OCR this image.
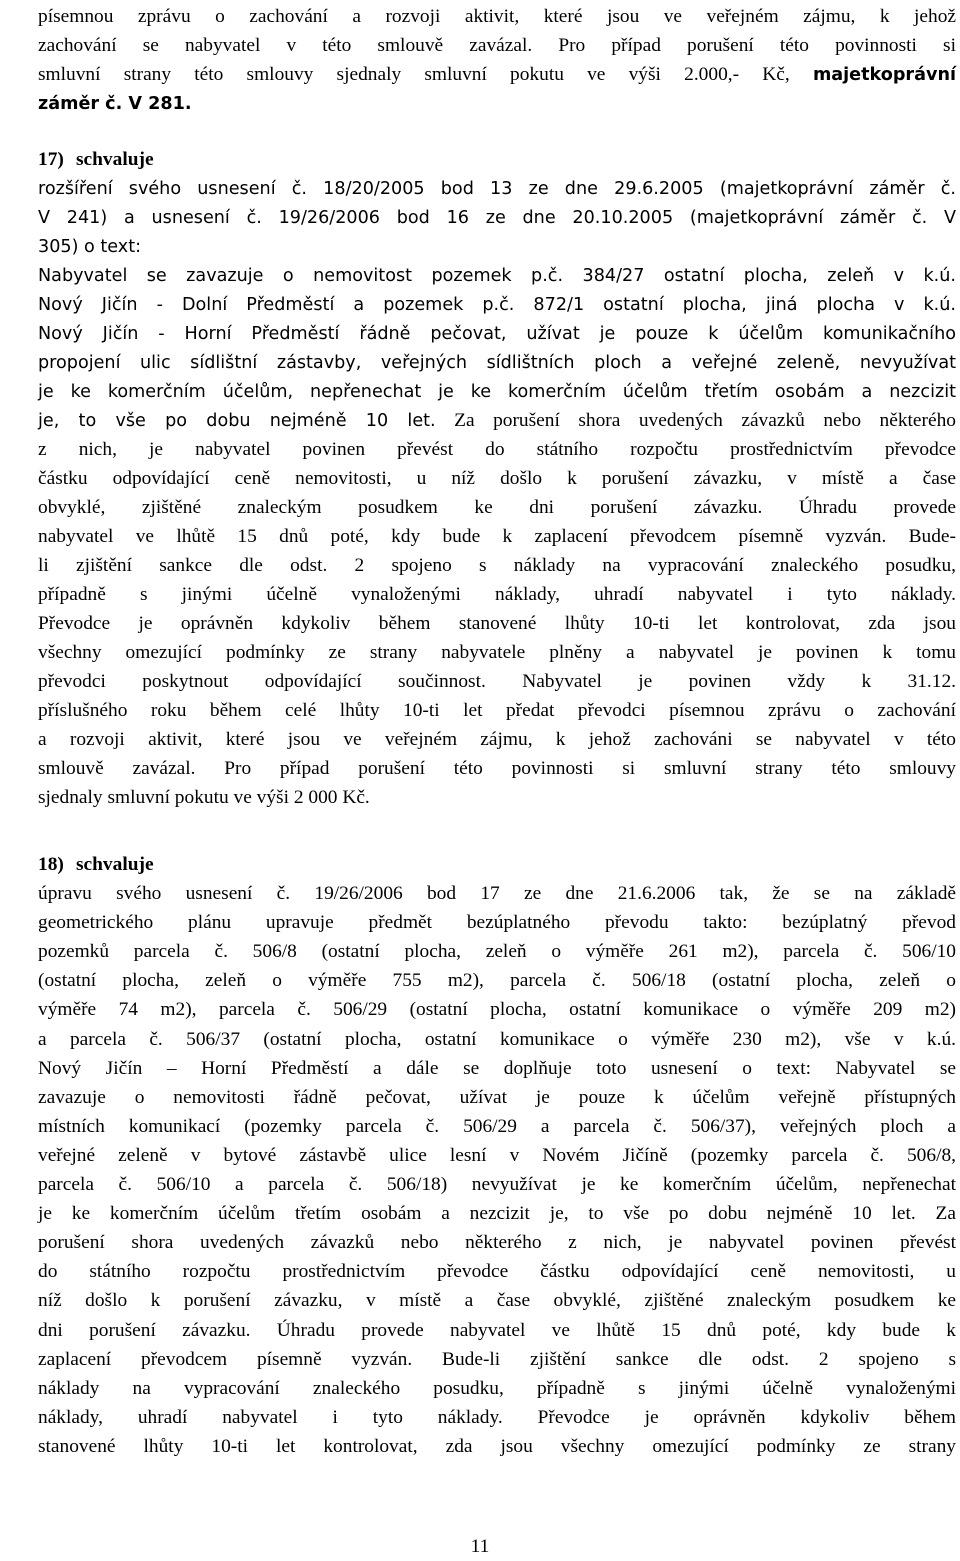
písemnou zprávu o zachování a rozvoji aktivit, které jsou ve veřejném zájmu, k jehož
zachování se nabyvatel v této smlouvě zavázal. Pro případ porušení této povinnosti si
smluvní strany této smlouvy sjednaly smluvní pokutu ve výši 2.000,- Kč, majetkoprávní
záměr č. V 281.
17) schvaluje
rozšíření svého usnesení č. 18/20/2005 bod 13 ze dne 29.6.2005 (majetkoprávní záměr č.
V 241) a usnesení č. 19/26/2006 bod 16 ze dne 20.10.2005 (majetkoprávní záměr č. V
305) o text:
Nabyvatel se zavazuje o nemovitost pozemek p.č. 384/27 ostatní plocha, zeleň v k.ú.
Nový Jičín - Dolní Předměstí a pozemek p.č. 872/1 ostatní plocha, jiná plocha v k.ú.
Nový Jičín - Horní Předměstí řádně pečovat, užívat je pouze k účelům komunikačního
propojení ulic sídlištní zástavby, veřejných sídlištních ploch a veřejné zeleně, nevyužívat
je ke komerčním účelům, nepřenechat je ke komerčním účelům třetím osobám a nezcizit
je, to vše po dobu nejméně 10 let. Za porušení shora uvedených závazků nebo některého
z nich, je nabyvatel povinen převést do státního rozpočtu prostřednictvím převodce
částku odpovídající ceně nemovitosti, u níž došlo k porušení závazku, v místě a čase
obvyklé, zjištěné znaleckým posudkem ke dni porušení závazku. Úhradu provede
nabyvatel ve lhůtě 15 dnů poté, kdy bude k zaplacení převodcem písemně vyzván. Bude-
li zjištění sankce dle odst. 2 spojeno s náklady na vypracování znaleckého posudku,
případně s jinými účelně vynaloženými náklady, uhradí nabyvatel i tyto náklady.
Převodce je oprávněn kdykoliv během stanovené lhůty 10-ti let kontrolovat, zda jsou
všechny omezující podmínky ze strany nabyvatele plněny a nabyvatel je povinen k tomu
převodci poskytnout odpovídající součinnost. Nabyvatel je povinen vždy k 31.12.
příslušného roku během celé lhůty 10-ti let předat převodci písemnou zprávu o zachování
a rozvoji aktivit, které jsou ve veřejném zájmu, k jehož zachováni se nabyvatel v této
smlouvě zavázal. Pro případ porušení této povinnosti si smluvní strany této smlouvy
sjednaly smluvní pokutu ve výši 2 000 Kč.
18) schvaluje
úpravu svého usnesení č. 19/26/2006 bod 17 ze dne 21.6.2006 tak, že se na základě
geometrického plánu upravuje předmět bezúplatného převodu takto: bezúplatný převod
pozemků parcela č. 506/8 (ostatní plocha, zeleň o výměře 261 m2), parcela č. 506/10
(ostatní plocha, zeleň o výměře 755 m2), parcela č. 506/18 (ostatní plocha, zeleň o
výměře 74 m2), parcela č. 506/29 (ostatní plocha, ostatní komunikace o výměře 209 m2)
a parcela č. 506/37 (ostatní plocha, ostatní komunikace o výměře 230 m2), vše v k.ú.
Nový Jičín – Horní Předměstí a dále se doplňuje toto usnesení o text: Nabyvatel se
zavazuje o nemovitosti řádně pečovat, užívat je pouze k účelům veřejně přístupných
místních komunikací (pozemky parcela č. 506/29 a parcela č. 506/37), veřejných ploch a
veřejné zeleně v bytové zástavbě ulice lesní v Novém Jičíně (pozemky parcela č. 506/8,
parcela č. 506/10 a parcela č. 506/18) nevyužívat je ke komerčním účelům, nepřenechat
je ke komerčním účelům třetím osobám a nezcizit je, to vše po dobu nejméně 10 let. Za
porušení shora uvedených závazků nebo některého z nich, je nabyvatel povinen převést
do státního rozpočtu prostřednictvím převodce částku odpovídající ceně nemovitosti, u
níž došlo k porušení závazku, v místě a čase obvyklé, zjištěné znaleckým posudkem ke
dni porušení závazku. Úhradu provede nabyvatel ve lhůtě 15 dnů poté, kdy bude k
zaplacení převodcem písemně vyzván. Bude-li zjištění sankce dle odst. 2 spojeno s
náklady na vypracování znaleckého posudku, případně s jinými účelně vynaloženými
náklady, uhradí nabyvatel i tyto náklady. Převodce je oprávněn kdykoliv během
stanovené lhůty 10-ti let kontrolovat, zda jsou všechny omezující podmínky ze strany
11
